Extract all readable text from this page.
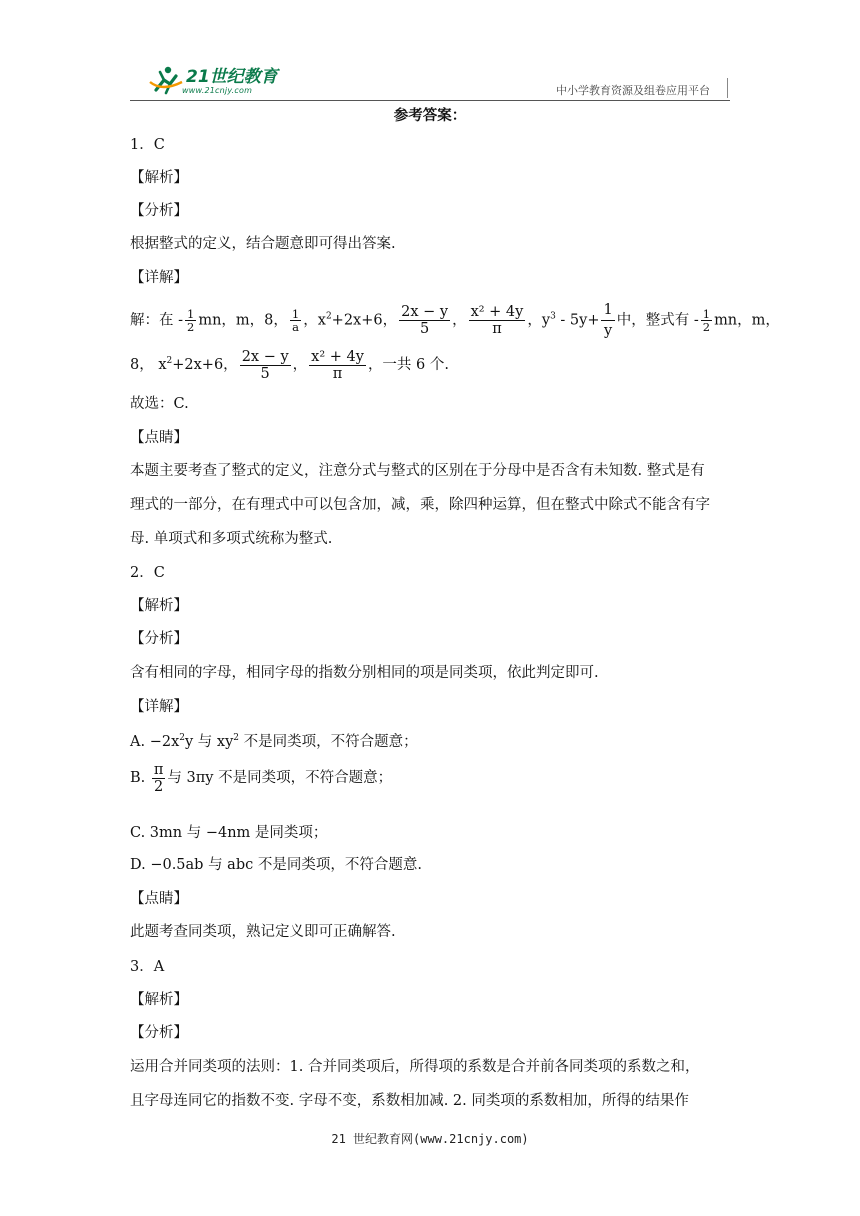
21世纪教育
www.21cnjy.com	中小学教育资源及组卷应用平台
参考答案：
1．C
【解析】
【分析】
根据整式的定义，结合题意即可得出答案.
【详解】
解：在 - $\frac{1}{2}$ mn，m，8， $\frac{1}{a}$ ，$x^2+2x+6$， $\frac{2x - y}{5}$ ， $\frac{\text{x² + 4y}}{\pi}$ ，$y^3 - 5y+ \frac{1}{y}$ 中，整式有 - $\frac{1}{2}$ mn，m，
8， $x^2+2x+6$， $\frac{2x - y}{5}$ ， $\frac{\text{x² + 4y}}{\pi}$ ，一共 6 个.
故选：C.
【点睛】
本题主要考查了整式的定义，注意分式与整式的区别在于分母中是否含有未知数. 整式是有
理式的一部分，在有理式中可以包含加，减，乘，除四种运算，但在整式中除式不能含有字
母. 单项式和多项式统称为整式.
2．C
【解析】
【分析】
含有相同的字母，相同字母的指数分别相同的项是同类项，依此判定即可.
【详解】
A. $-2x^2y$ 与 $xy^2$ 不是同类项，不符合题意；
B. $\frac{\pi}{2}$ 与 3πy 不是同类项，不符合题意；
C. 3mn 与 −4nm 是同类项；
D. −0.5ab 与 abc 不是同类项，不符合题意.
【点睛】
此题考查同类项，熟记定义即可正确解答.
3．A
【解析】
【分析】
运用合并同类项的法则：1. 合并同类项后，所得项的系数是合并前各同类项的系数之和，
且字母连同它的指数不变. 字母不变，系数相加减. 2. 同类项的系数相加，所得的结果作
21 世纪教育网(www.21cnjy.com)
